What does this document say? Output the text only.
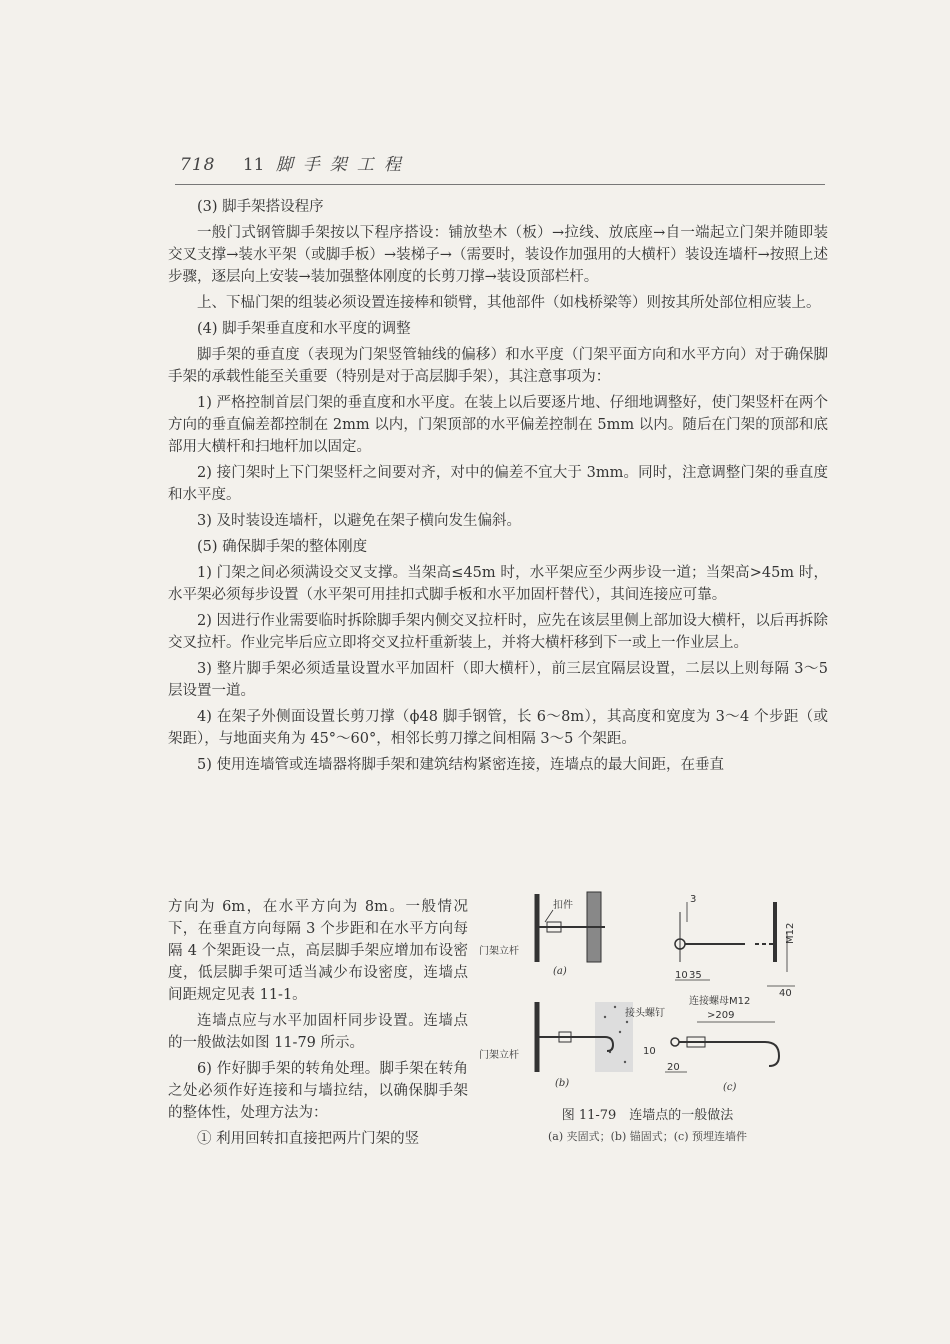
718 11 脚手架工程

(3) 脚手架搭设程序

一般门式钢管脚手架按以下程序搭设：铺放垫木（板）→拉线、放底座→自一端起立门架并随即装交叉支撑→装水平架（或脚手板）→装梯子→（需要时，装设作加强用的大横杆）装设连墙杆→按照上述步骤，逐层向上安装→装加强整体刚度的长剪刀撑→装设顶部栏杆。

上、下榀门架的组装必须设置连接棒和锁臂，其他部件（如栈桥梁等）则按其所处部位相应装上。

(4) 脚手架垂直度和水平度的调整

脚手架的垂直度（表现为门架竖管轴线的偏移）和水平度（门架平面方向和水平方向）对于确保脚手架的承载性能至关重要（特别是对于高层脚手架），其注意事项为：

1) 严格控制首层门架的垂直度和水平度。在装上以后要逐片地、仔细地调整好，使门架竖杆在两个方向的垂直偏差都控制在 2mm 以内，门架顶部的水平偏差控制在 5mm 以内。随后在门架的顶部和底部用大横杆和扫地杆加以固定。

2) 接门架时上下门架竖杆之间要对齐，对中的偏差不宜大于 3mm。同时，注意调整门架的垂直度和水平度。

3) 及时装设连墙杆，以避免在架子横向发生偏斜。

(5) 确保脚手架的整体刚度

1) 门架之间必须满设交叉支撑。当架高≤45m 时，水平架应至少两步设一道；当架高>45m 时，水平架必须每步设置（水平架可用挂扣式脚手板和水平加固杆替代），其间连接应可靠。

2) 因进行作业需要临时拆除脚手架内侧交叉拉杆时，应先在该层里侧上部加设大横杆，以后再拆除交叉拉杆。作业完毕后应立即将交叉拉杆重新装上，并将大横杆移到下一或上一作业层上。

3) 整片脚手架必须适量设置水平加固杆（即大横杆），前三层宜隔层设置，二层以上则每隔 3～5 层设置一道。

4) 在架子外侧面设置长剪刀撑（ϕ48 脚手钢管，长 6～8m），其高度和宽度为 3～4 个步距（或架距），与地面夹角为 45°～60°，相邻长剪刀撑之间相隔 3～5 个架距。

5) 使用连墙管或连墙器将脚手架和建筑结构紧密连接，连墙点的最大间距，在垂直

方向为 6m，在水平方向为 8m。一般情况下，在垂直方向每隔 3 个步距和在水平方向每隔 4 个架距设一点，高层脚手架应增加布设密度，低层脚手架可适当减少布设密度，连墙点间距规定见表 11-1。

连墙点应与水平加固杆同步设置。连墙点的一般做法如图 11-79 所示。

6) 作好脚手架的转角处理。脚手架在转角之处必须作好连接和与墙拉结，以确保脚手架的整体性，处理方法为：

① 利用回转扣直接把两片门架的竖

扣件
门架立杆
(a)
门架立杆
(b)
3
10 35
M12
40
连接螺母M12
>209
接头螺钉
10
20
(c)
图 11-79　连墙点的一般做法
(a) 夹固式；(b) 锚固式；(c) 预埋连墙件
